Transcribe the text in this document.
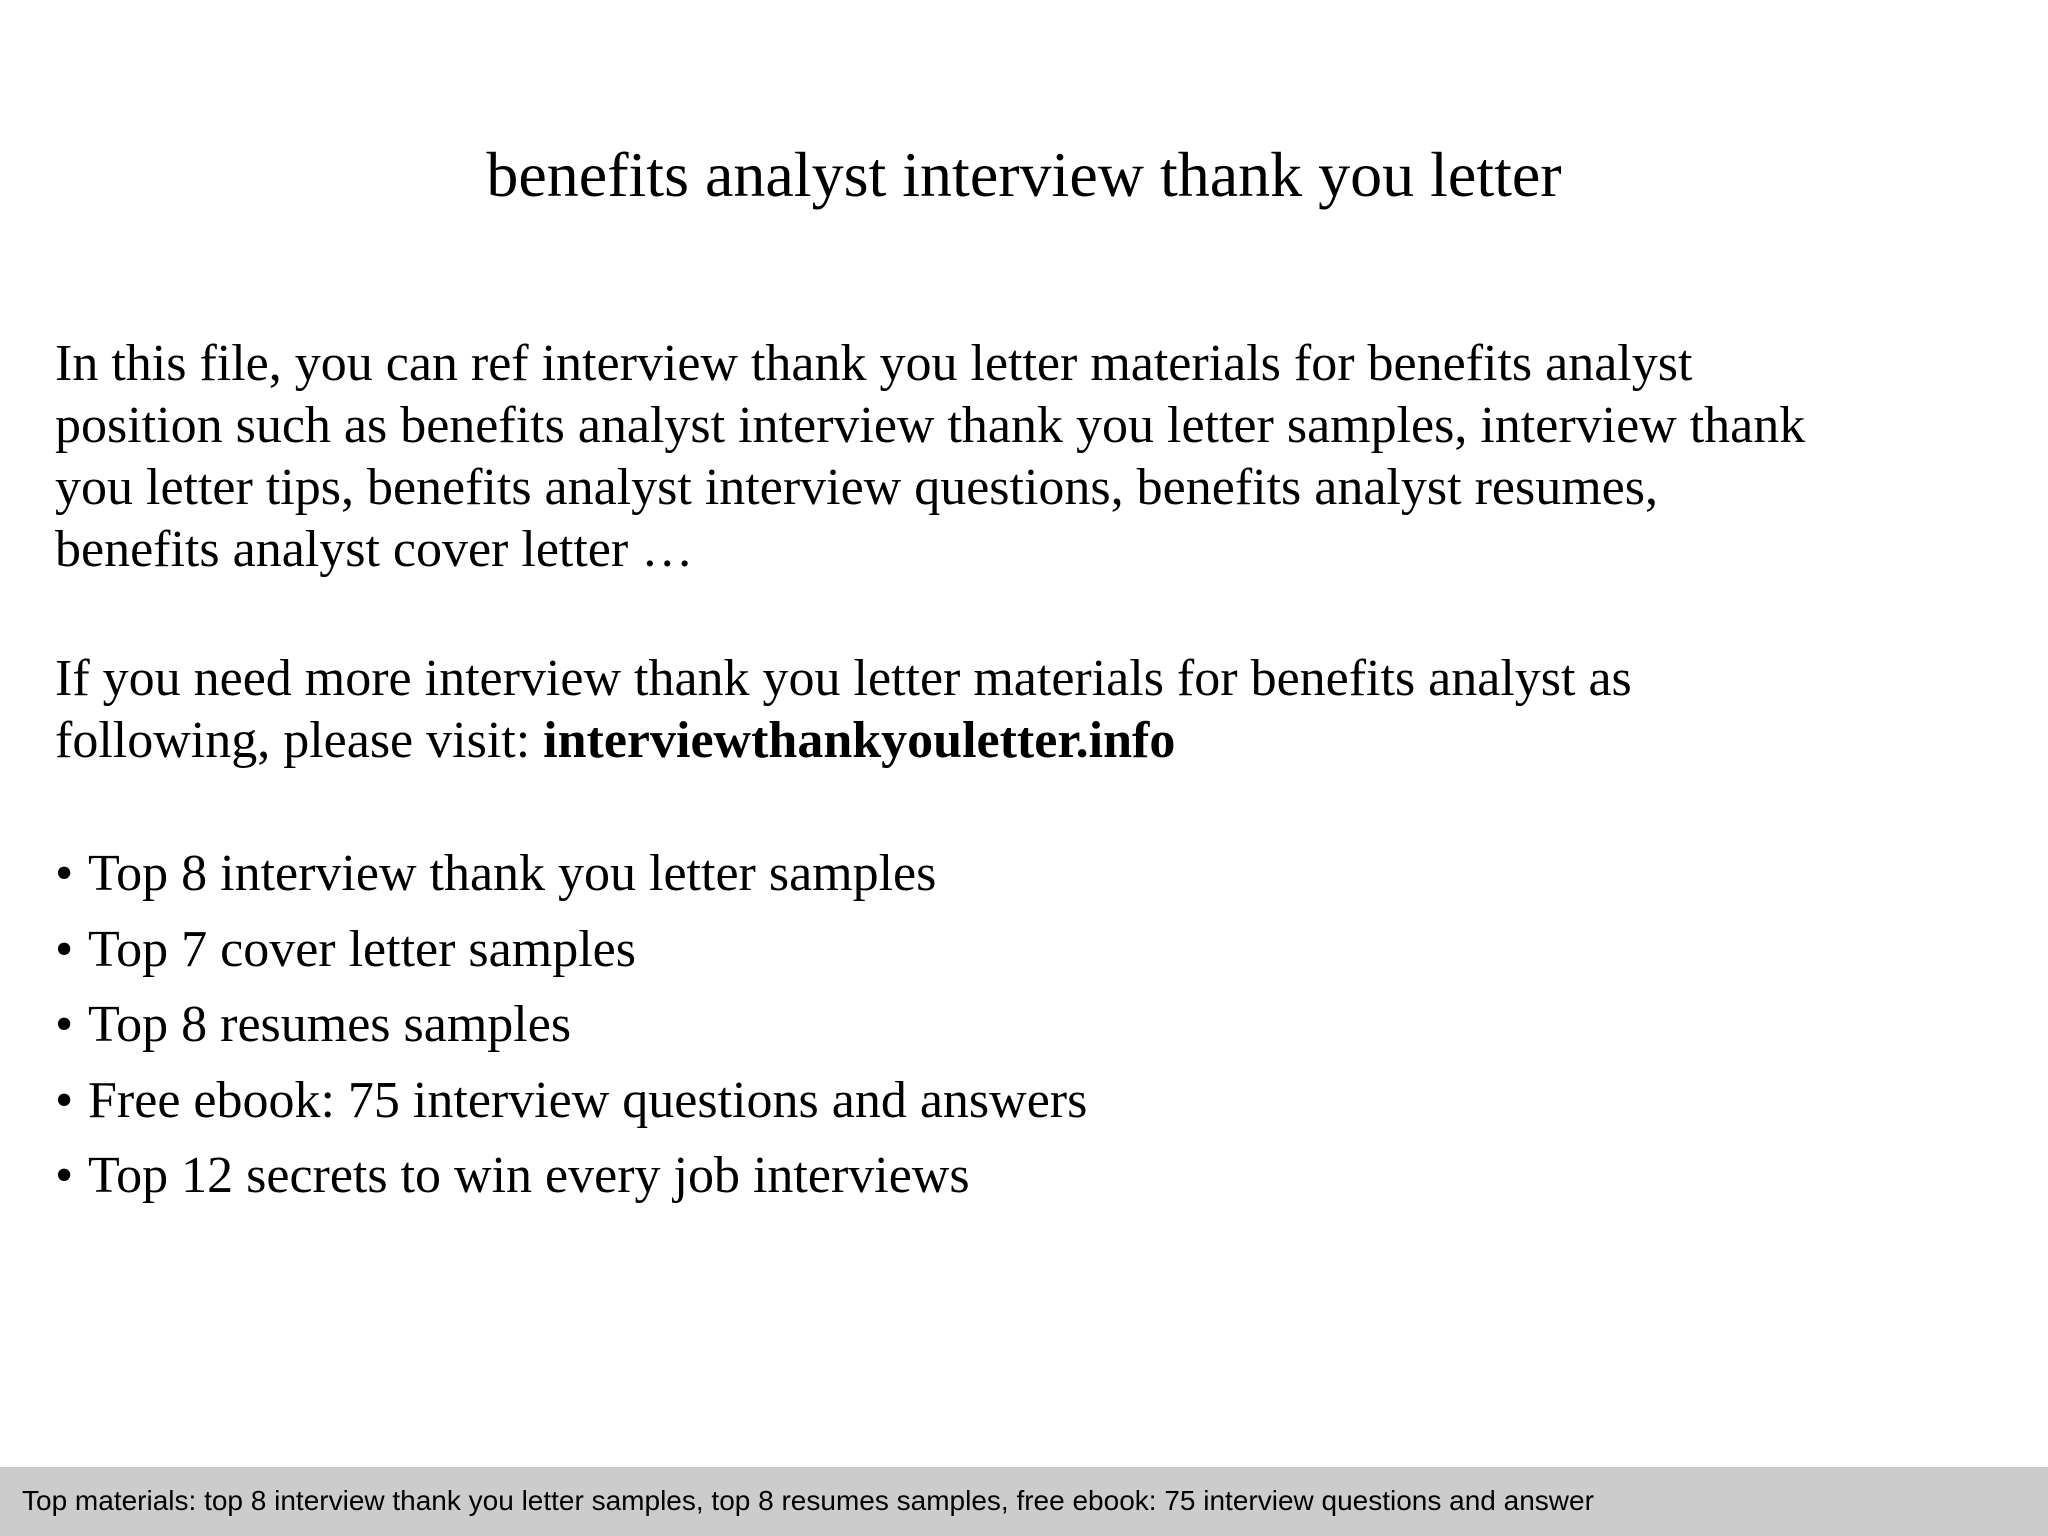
benefits analyst interview thank you letter

In this file, you can ref interview thank you letter materials for benefits analyst
position such as benefits analyst interview thank you letter samples, interview thank
you letter tips, benefits analyst interview questions, benefits analyst resumes,
benefits analyst cover letter …

If you need more interview thank you letter materials for benefits analyst as
following, please visit: interviewthankyouletter.info

• Top 8 interview thank you letter samples
• Top 7 cover letter samples
• Top 8 resumes samples
• Free ebook: 75 interview questions and answers
• Top 12 secrets to win every job interviews
Top materials: top 8 interview thank you letter samples, top 8 resumes samples, free ebook: 75 interview questions and answer
